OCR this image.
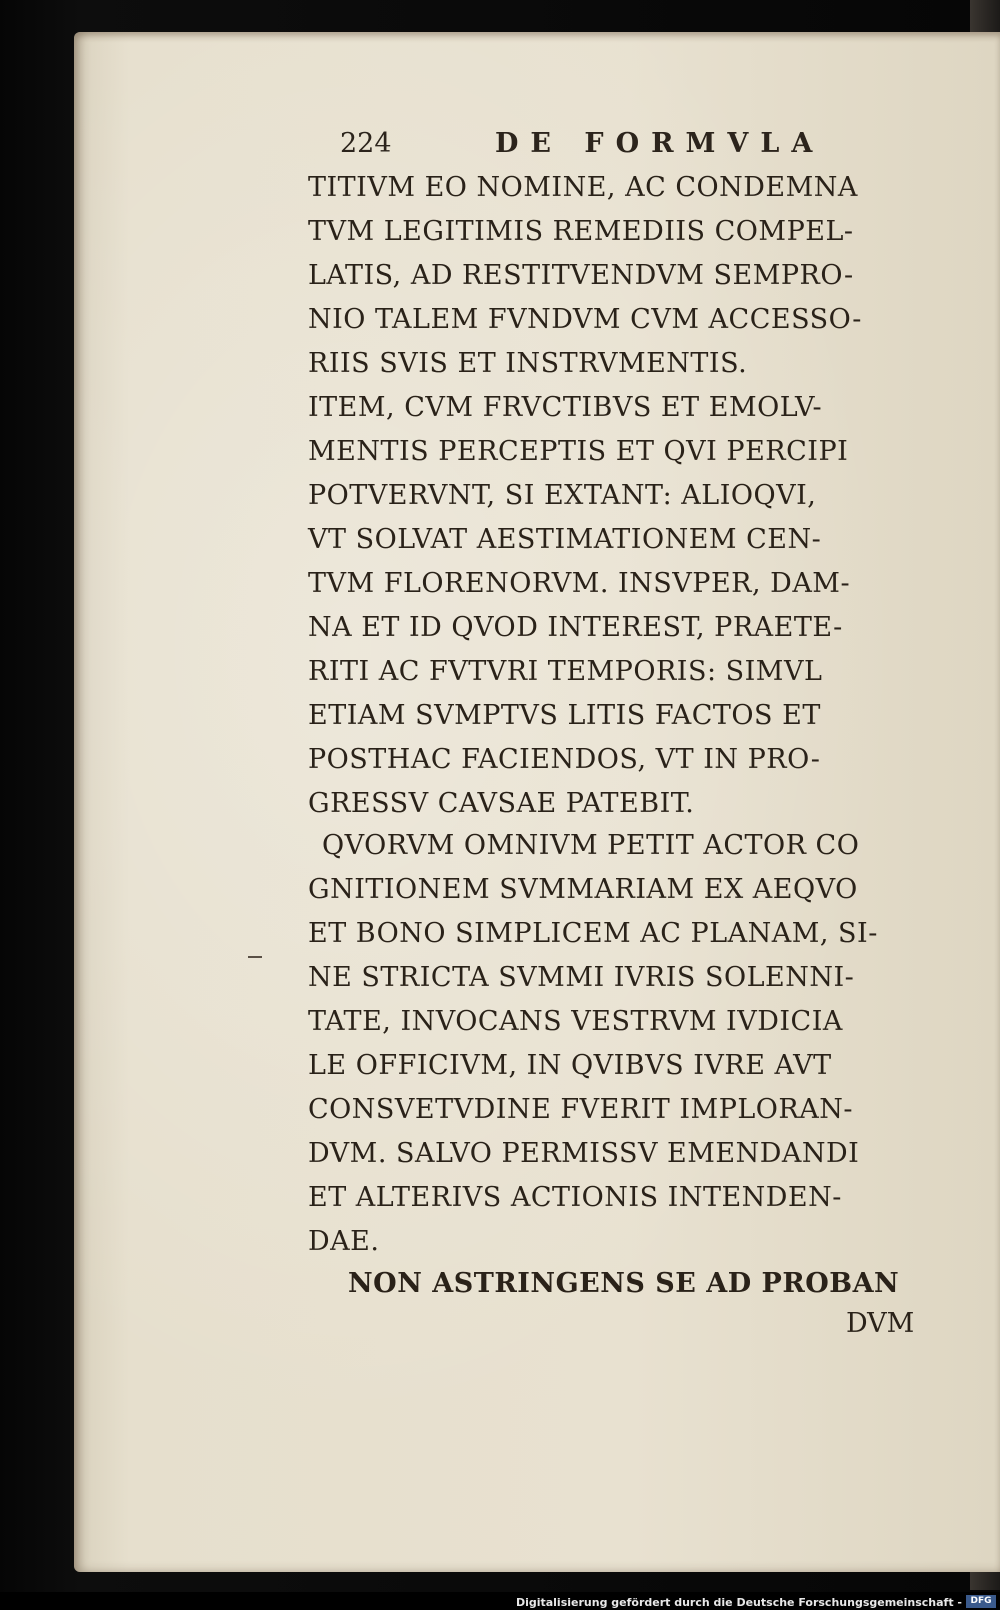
224	DE FORMVLA
TITIVM EO NOMINE, AC CONDEMNA
TVM LEGITIMIS REMEDIIS COMPEL-
LATIS, AD RESTITVENDVM SEMPRO-
NIO TALEM FVNDVM CVM ACCESSO-
RIIS SVIS ET INSTRVMENTIS.
ITEM, CVM FRVCTIBVS ET EMOLV-
MENTIS PERCEPTIS ET QVI PERCIPI
POTVERVNT, SI EXTANT: ALIOQVI,
VT SOLVAT AESTIMATIONEM CEN-
TVM FLORENORVM. INSVPER, DAM-
NA ET ID QVOD INTEREST, PRAETE-
RITI AC FVTVRI TEMPORIS: SIMVL
ETIAM SVMPTVS LITIS FACTOS ET
POSTHAC FACIENDOS, VT IN PRO-
GRESSV CAVSAE PATEBIT.
QVORVM OMNIVM PETIT ACTOR CO
GNITIONEM SVMMARIAM EX AEQVO
ET BONO SIMPLICEM AC PLANAM, SI-
NE STRICTA SVMMI IVRIS SOLENNI-
TATE, INVOCANS VESTRVM IVDICIA
LE OFFICIVM, IN QVIBVS IVRE AVT
CONSVETVDINE FVERIT IMPLORAN-
DVM. SALVO PERMISSV EMENDANDI
ET ALTERIVS ACTIONIS INTENDEN-
DAE.
NON ASTRINGENS SE AD PROBAN
DVM
Digitalisierung gefördert durch die Deutsche Forschungsgemeinschaft - DFG
